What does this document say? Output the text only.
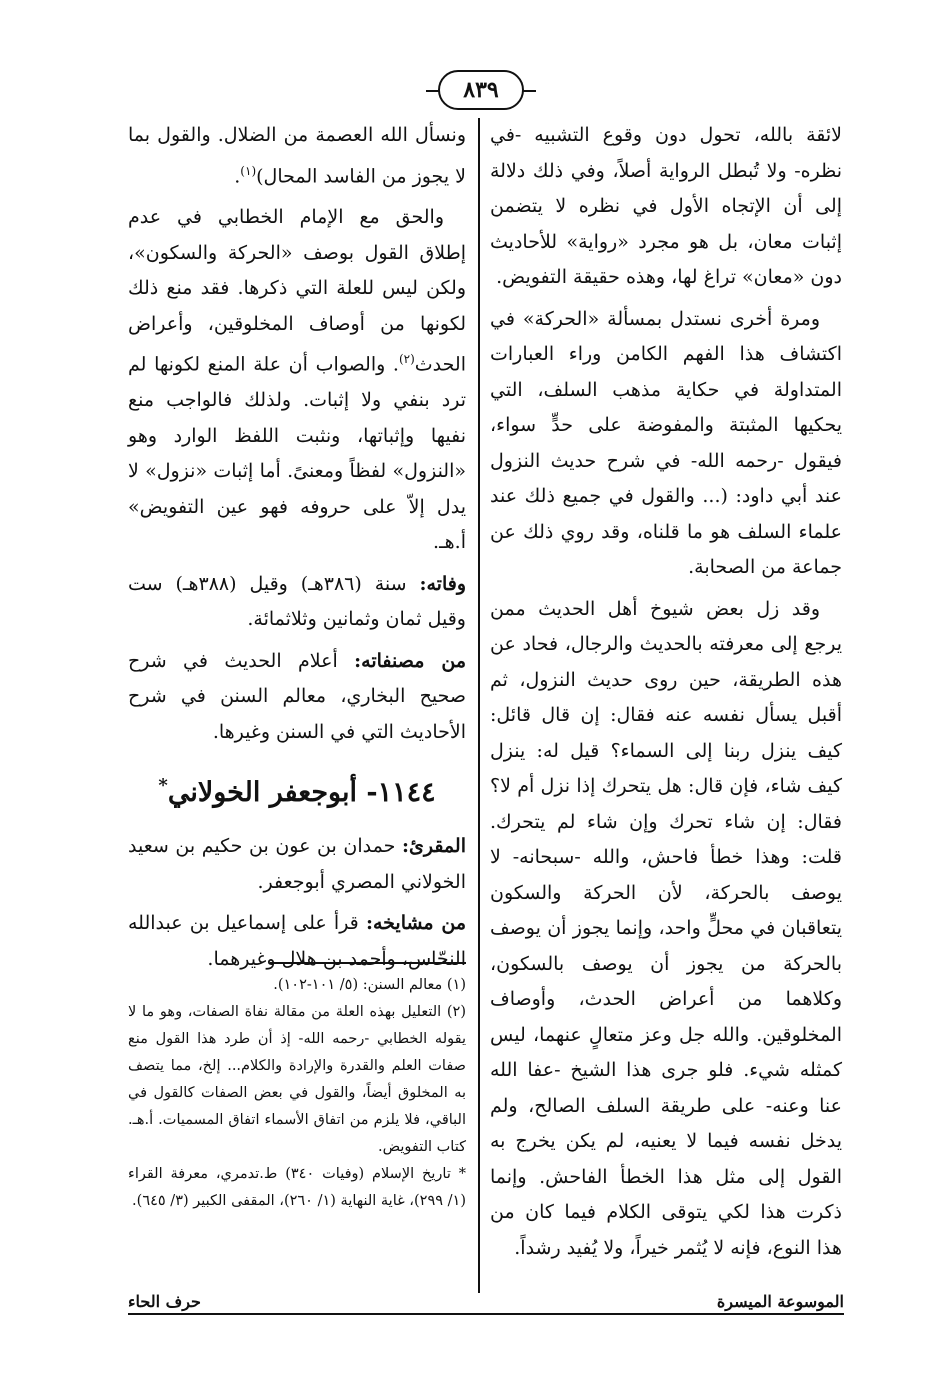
٨٣٩

لائقة بالله، تحول دون وقوع التشبيه -في نظره- ولا تُبطل الرواية أصلاً، وفي ذلك دلالة إلى أن الإتجاه الأول في نظره لا يتضمن إثبات معان، بل هو مجرد «رواية» للأحاديث دون «معان» تراغ لها، وهذه حقيقة التفويض.

ومرة أخرى نستدل بمسألة «الحركة» في اكتشاف هذا الفهم الكامن وراء العبارات المتداولة في حكاية مذهب السلف، التي يحكيها المثبتة والمفوضة على حدٍّ سواء، فيقول -رحمه الله- في شرح حديث النزول عند أبي داود: (... والقول في جميع ذلك عند علماء السلف هو ما قلناه، وقد روي ذلك عن جماعة من الصحابة.

وقد زل بعض شيوخ أهل الحديث ممن يرجع إلى معرفته بالحديث والرجال، فحاد عن هذه الطريقة، حين روى حديث النزول، ثم أقبل يسأل نفسه عنه فقال: إن قال قائل: كيف ينزل ربنا إلى السماء؟ قيل له: ينزل كيف شاء، فإن قال: هل يتحرك إذا نزل أم لا؟ فقال: إن شاء تحرك وإن شاء لم يتحرك. قلت: وهذا خطأ فاحش، والله -سبحانه- لا يوصف بالحركة، لأن الحركة والسكون يتعاقبان في محلٍّ واحد، وإنما يجوز أن يوصف بالحركة من يجوز أن يوصف بالسكون، وكلاهما من أعراض الحدث، وأوصاف المخلوقين. والله جل وعز متعالٍ عنهما، ليس كمثله شيء. فلو جرى هذا الشيخ -عفا الله عنا وعنه- على طريقة السلف الصالح، ولم يدخل نفسه فيما لا يعنيه، لم يكن يخرج به القول إلى مثل هذا الخطأ الفاحش. وإنما ذكرت هذا لكي يتوقى الكلام فيما كان من هذا النوع، فإنه لا يُثمر خيراً، ولا يُفيد رشداً.

ونسأل الله العصمة من الضلال. والقول بما لا يجوز من الفاسد المحال)$^{(١)}$.

والحق مع الإمام الخطابي في عدم إطلاق القول بوصف «الحركة والسكون»، ولكن ليس للعلة التي ذكرها. فقد منع ذلك لكونها من أوصاف المخلوقين، وأعراض الحدث$^{(٢)}$. والصواب أن علة المنع لكونها لم ترد بنفي ولا إثبات. ولذلك فالواجب منع نفيها وإثباتها، ونثبت اللفظ الوارد وهو «النزول» لفظاً ومعنىً. أما إثبات «نزول» لا يدل إلاّ على حروفه فهو عين التفويض» أ.هـ.

وفاته: سنة (٣٨٦هـ) وقيل (٣٨٨هـ) ست وقيل ثمان وثمانين وثلاثمائة.

من مصنفاته: أعلام الحديث في شرح صحيح البخاري، معالم السنن في شرح الأحاديث التي في السنن وغيرها.

١١٤٤- أبوجعفر الخولاني*

المقرئ: حمدان بن عون بن حكيم بن سعيد الخولاني المصري أبوجعفر.

من مشايخه: قرأ على إسماعيل بن عبدالله النحّاس، وأحمد بن هلال وغيرهما.

(١) معالم السنن: (٥/ ١٠١-١٠٢).

(٢) التعليل بهذه العلة من مقالة نفاة الصفات، وهو ما لا يقوله الخطابي -رحمه الله- إذ أن طرد هذا القول منع صفات العلم والقدرة والإرادة والكلام... إلخ، مما يتصف به المخلوق أيضاً، والقول في بعض الصفات كالقول في الباقي، فلا يلزم من اتفاق الأسماء اتفاق المسميات. أ.هـ. كتاب التفويض.

* تاريخ الإسلام (وفيات ٣٤٠) ط.تدمري، معرفة القراء (١/ ٢٩٩)، غاية النهاية (١/ ٢٦٠)، المقفى الكبير (٣/ ٦٤٥).

الموسوعة الميسرة
حرف الحاء
